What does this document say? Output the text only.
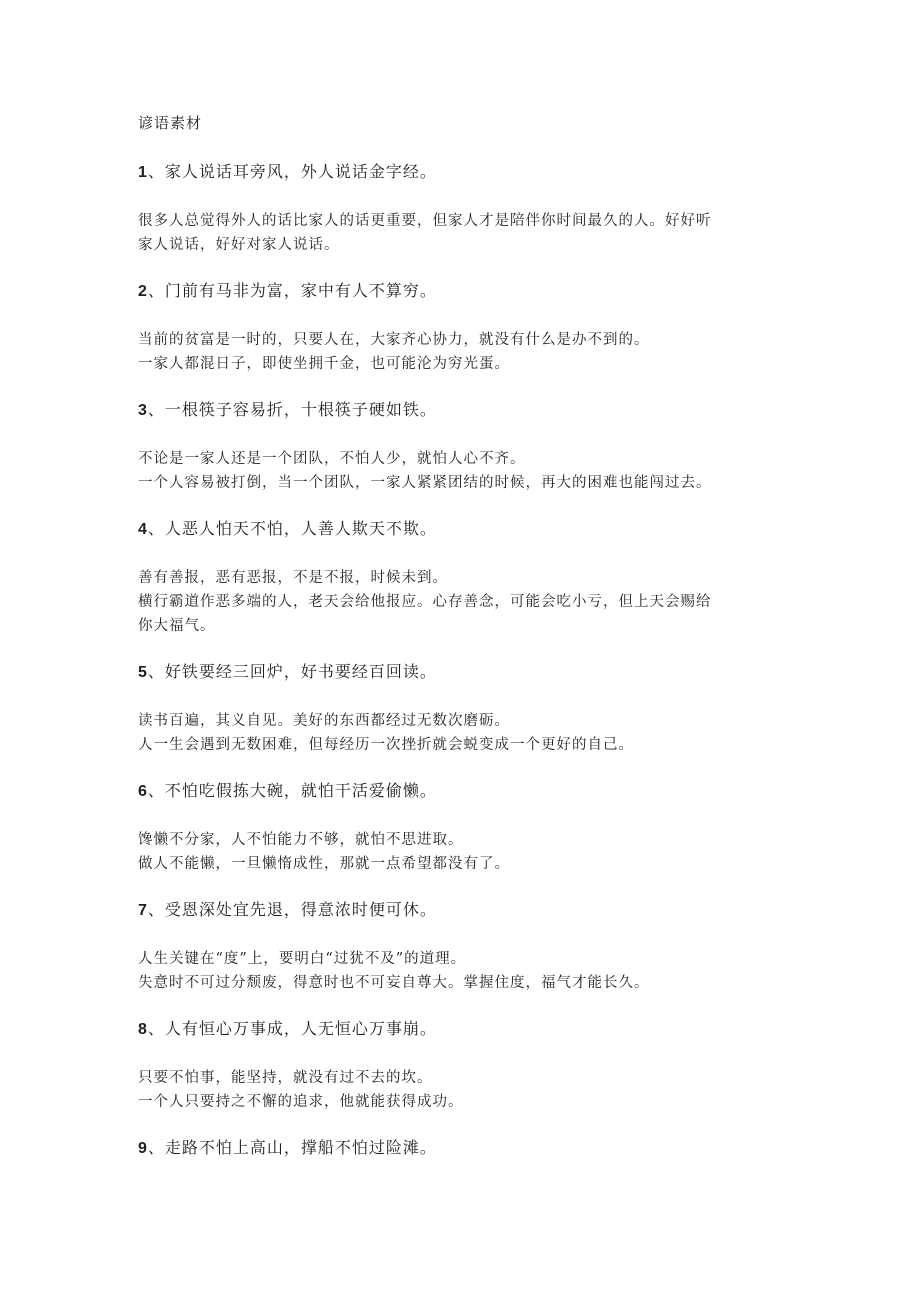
谚语素材
1、家人说话耳旁风，外人说话金字经。
很多人总觉得外人的话比家人的话更重要，但家人才是陪伴你时间最久的人。好好听
家人说话，好好对家人说话。
2、门前有马非为富，家中有人不算穷。
当前的贫富是一时的，只要人在，大家齐心协力，就没有什么是办不到的。
一家人都混日子，即使坐拥千金，也可能沦为穷光蛋。
3、一根筷子容易折，十根筷子硬如铁。
不论是一家人还是一个团队，不怕人少，就怕人心不齐。
一个人容易被打倒，当一个团队，一家人紧紧团结的时候，再大的困难也能闯过去。
4、人恶人怕天不怕，人善人欺天不欺。
善有善报，恶有恶报，不是不报，时候未到。
横行霸道作恶多端的人，老天会给他报应。心存善念，可能会吃小亏，但上天会赐给
你大福气。
5、好铁要经三回炉，好书要经百回读。
读书百遍，其义自见。美好的东西都经过无数次磨砺。
人一生会遇到无数困难，但每经历一次挫折就会蜕变成一个更好的自己。
6、不怕吃假拣大碗，就怕干活爱偷懒。
馋懒不分家，人不怕能力不够，就怕不思进取。
做人不能懒，一旦懒惰成性，那就一点希望都没有了。
7、受恩深处宜先退，得意浓时便可休。
人生关键在“度”上，要明白“过犹不及”的道理。
失意时不可过分颓废，得意时也不可妄自尊大。掌握住度，福气才能长久。
8、人有恒心万事成，人无恒心万事崩。
只要不怕事，能坚持，就没有过不去的坎。
一个人只要持之不懈的追求，他就能获得成功。
9、走路不怕上高山，撑船不怕过险滩。
